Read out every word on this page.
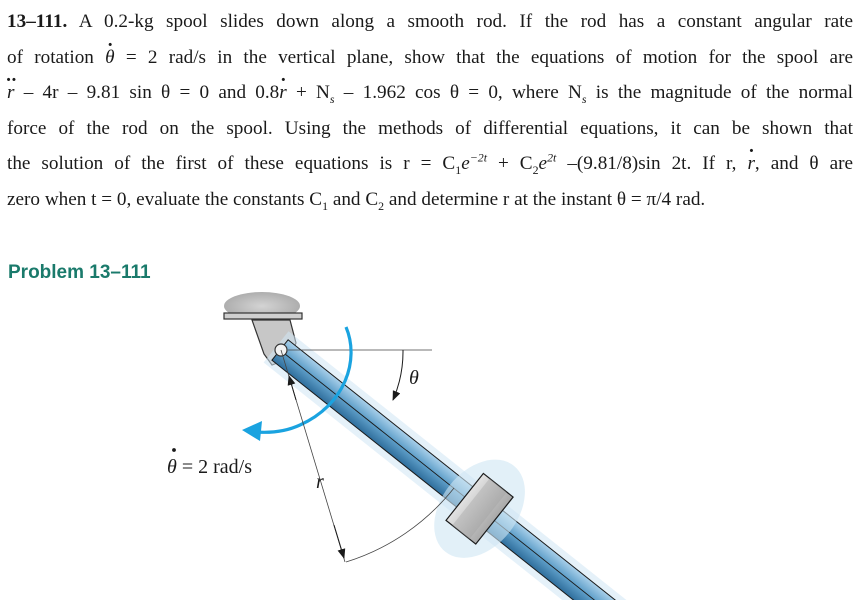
13–111. A 0.2-kg spool slides down along a smooth rod. If the rod has a constant angular rate
of rotation θ · = 2 rad/s in the vertical plane, show that the equations of motion for the spool are
r ·· – 4r – 9.81 sin θ = 0 and 0.8r · + $N_s - 1.962$ cos θ = 0, where $N_s$ is the magnitude of the normal
force of the rod on the spool. Using the methods of differential equations, it can be shown that
the solution of the first of these equations is $r = C_1e^{-2t} + C_2e^{2t}$ –(9.81/8)sin 2t. If r, r ·, and θ are
zero when t = 0, evaluate the constants $C_1$ and $C_2$ and determine r at the instant θ = π/4 rad.
Problem 13–111
θ
θ = 2 rad/s
r
